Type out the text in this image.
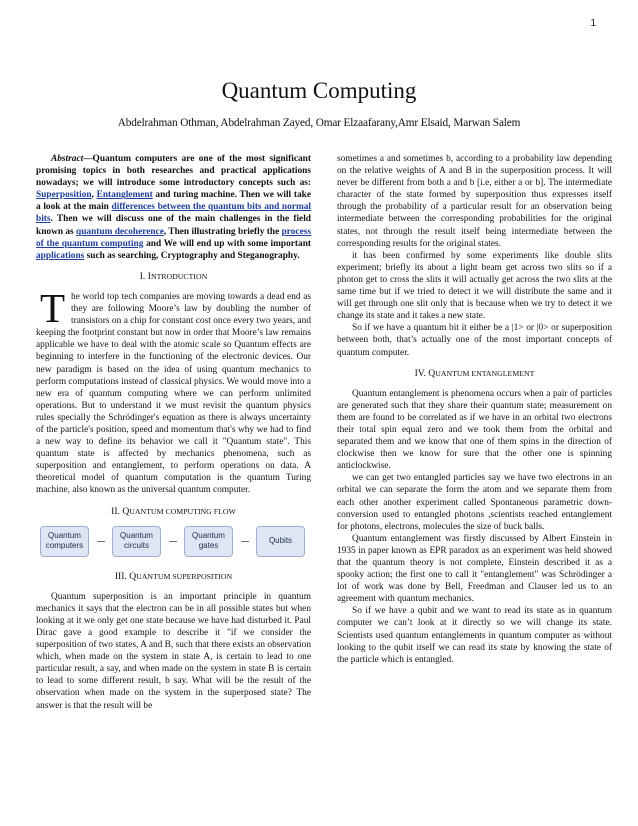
1
Quantum Computing
Abdelrahman Othman, Abdelrahman Zayed, Omar Elzaafarany,Amr Elsaid, Marwan Salem

Abstract—Quantum computers are one of the most significant promising topics in both researches and practical applications nowadays; we will introduce some introductory concepts such as: Superposition, Entanglement and turing machine. Then we will take a look at the main differences between the quantum bits and normal bits. Then we will discuss one of the main challenges in the field known as quantum decoherence, Then illustrating briefly the process of the quantum computing and We will end up with some important applications such as searching, Cryptography and Steganography.

I. INTRODUCTION
T he world top tech companies are moving towards a dead end as they are following Moore’s law by doubling the number of transistors on a chip for constant cost once every two years, and keeping the footprint constant but now in order that Moore’s law remains applicable we have to deal with the atomic scale so Quantum effects are beginning to interfere in the functioning of the electronic devices. Our new paradigm is based on the idea of using quantum mechanics to perform computations instead of classical physics. We would move into a new era of quantum computing where we can perform unlimited operations. But to understand it we must revisit the quantum physics rules specially the Schrödinger's equation as there is always uncertainty of the particle's position, speed and momentum that's why we had to find a new way to define its behavior we call it "Quantum state". This quantum state is affected by mechanics phenomena, such as superposition and entanglement, to perform operations on data. A theoretical model of quantum computation is the quantum Turing machine, also known as the universal quantum computer.

II. QUANTUM COMPUTING FLOW
Quantum computers
Quantum circuits
Quantum gates
Qubits
III. QUANTUM SUPERPOSITION

Quantum superposition is an important principle in quantum mechanics it says that the electron can be in all possible states but when looking at it we only get one state because we have had disturbed it. Paul Dirac gave a good example to describe it "if we consider the superposition of two states, A and B, such that there exists an observation which, when made on the system in state A, is certain to lead to one particular result, a say, and when made on the system in state B is certain to lead to some different result, b say. What will be the result of the observation when made on the system in the superposed state? The answer is that the result will be

sometimes a and sometimes b, according to a probability law depending on the relative weights of A and B in the superposition process. It will never be different from both a and b [i.e, either a or b]. The intermediate character of the state formed by superposition thus expresses itself through the probability of a particular result for an observation being intermediate between the corresponding probabilities for the original states, not through the result itself being intermediate between the corresponding results for the original states.

it has been confirmed by some experiments like double slits experiment; briefly its about a light beam get across two slits so if a photon get to cross the slits it will actually get across the two slits at the same time but if we tried to detect it we will distribute the same and it will get through one slit only that is because when we try to detect it we change its state and it takes a new state.

So if we have a quantum bit it either be a |1> or |0> or superposition between both, that’s actually one of the most important concepts of quantum computer.

IV. QUANTUM ENTANGLEMENT

Quantum entanglement is phenomena occurs when a pair of particles are generated such that they share their quantum state; measurement on them are found to be correlated as if we have in an orbital two electrons their total spin equal zero and we took them from the orbital and separated them and we know that one of them spins in the direction of clockwise then we know for sure that the other one is spinning anticlockwise.

we can get two entangled particles say we have two electrons in an orbital we can separate the form the atom and we separate them from each other another experiment called Spontaneous parametric down-conversion used to entangled photons ,scientists reached entanglement for photons, electrons, molecules the size of buck balls.

Quantum entanglement was firstly discussed by Albert Einstein in 1935 in paper known as EPR paradox as an experiment was held showed that the quantum theory is not complete, Einstein described it as a spooky action; the first one to call it "entanglement" was Schrödinger a lot of work was done by Bell, Freedman and Clauser led us to an agreement with quantum mechanics.

So if we have a qubit and we want to read its state as in quantum computer we can’t look at it directly so we will change its state. Scientists used quantum entanglements in quantum computer as without looking to the qubit itself we can read its state by knowing the state of the particle which is entangled.
